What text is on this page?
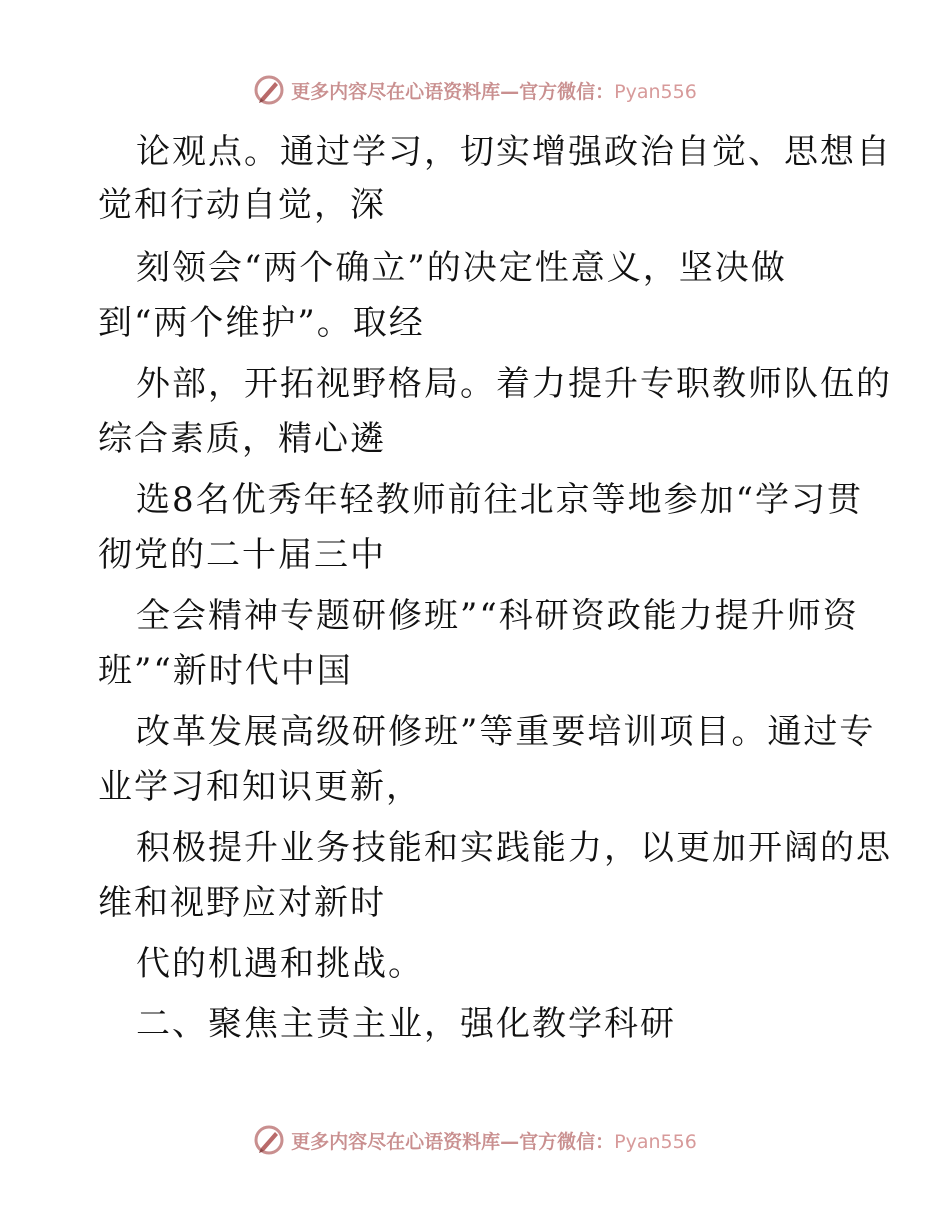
更多内容尽在心语资料库—官方微信：Pyan556
论观点。通过学习，切实增强政治自觉、思想自
觉和行动自觉，深
刻领会“两个确立”的决定性意义，坚决做
到“两个维护”。取经
外部，开拓视野格局。着力提升专职教师队伍的
综合素质，精心遴
选8名优秀年轻教师前往北京等地参加“学习贯
彻党的二十届三中
全会精神专题研修班”“科研资政能力提升师资
班”“新时代中国
改革发展高级研修班”等重要培训项目。通过专
业学习和知识更新，
积极提升业务技能和实践能力，以更加开阔的思
维和视野应对新时
代的机遇和挑战。
二、聚焦主责主业，强化教学科研
更多内容尽在心语资料库—官方微信：Pyan556
